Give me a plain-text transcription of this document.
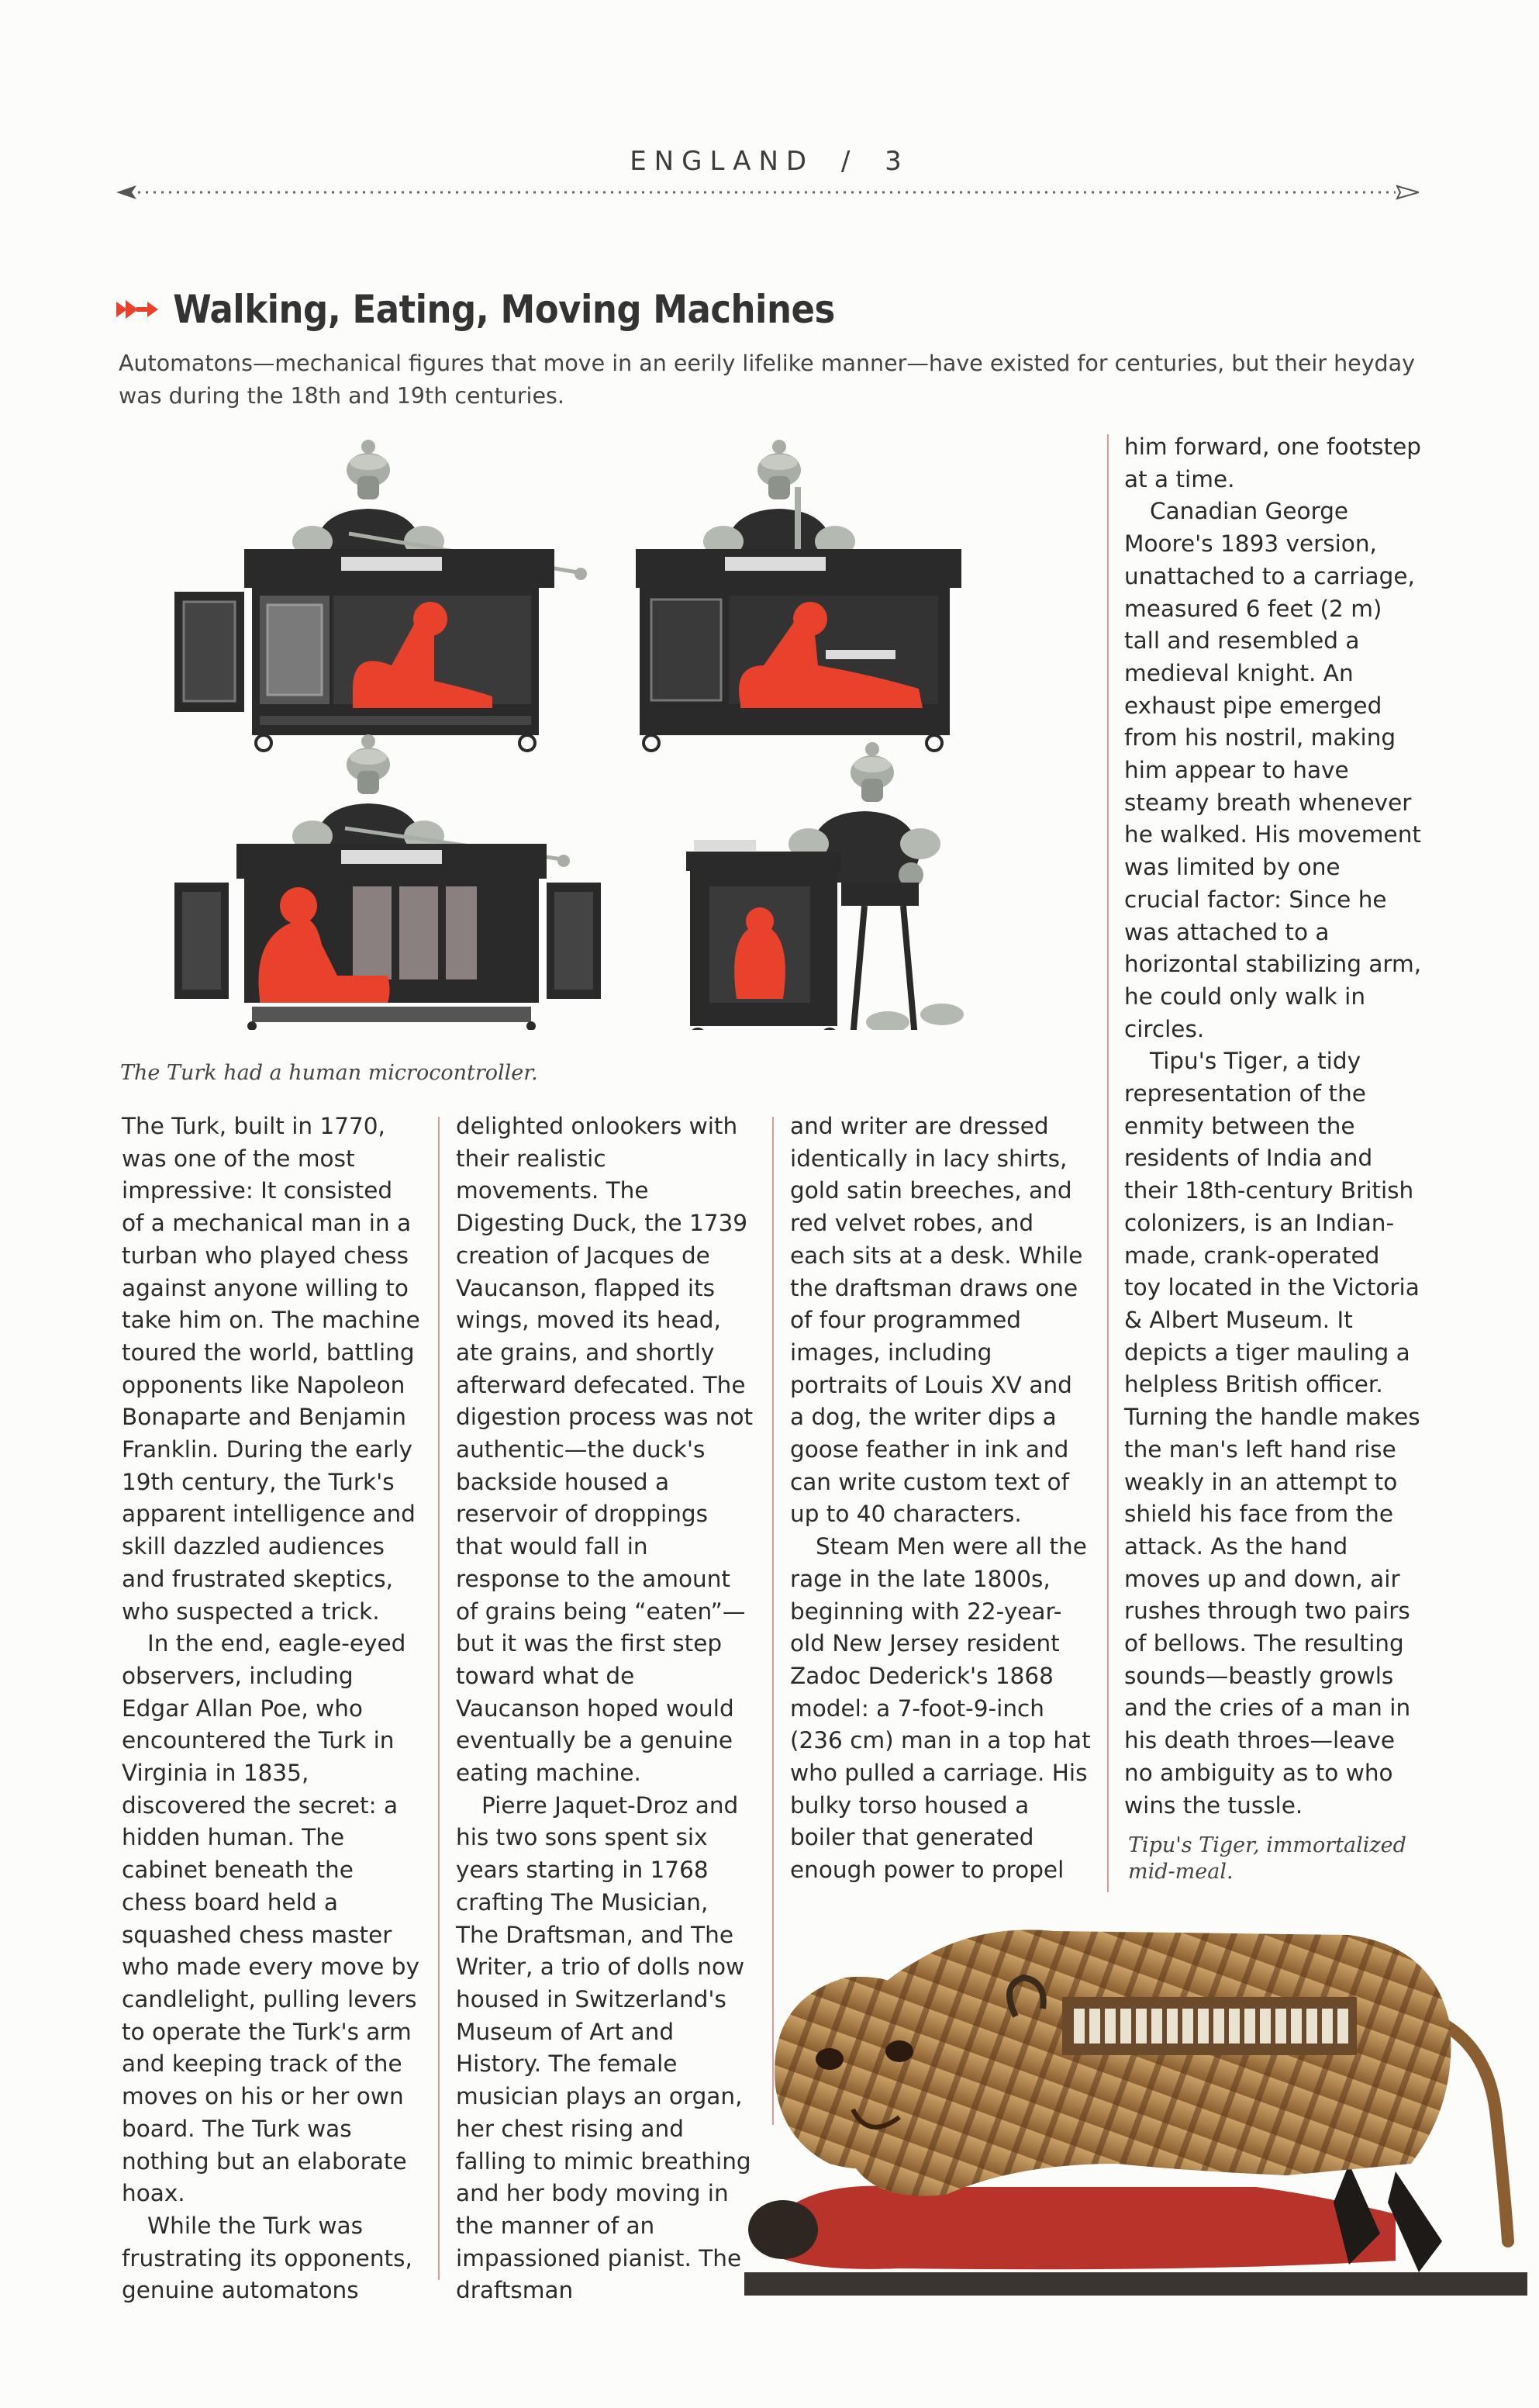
ENGLAND / 3
Walking, Eating, Moving Machines
Automatons—mechanical figures that move in an eerily lifelike manner—have existed for centuries, but their heyday
was during the 18th and 19th centuries.
The Turk had a human microcontroller.

The Turk, built in 1770, was one of the most impressive: It consisted of a mechanical man in a turban who played chess against anyone willing to take him on. The machine toured the world, battling opponents like Napoleon Bonaparte and Benjamin Franklin. During the early 19th century, the Turk's apparent intelligence and skill dazzled audiences and frustrated skeptics, who suspected a trick.

In the end, eagle-eyed observers, including Edgar Allan Poe, who encountered the Turk in Virginia in 1835, discovered the secret: a hidden human. The cabinet beneath the chess board held a squashed chess master who made every move by candlelight, pulling levers to operate the Turk's arm and keeping track of the moves on his or her own board. The Turk was nothing but an elaborate hoax.

While the Turk was frustrating its opponents, genuine automatons

delighted onlookers with their realistic movements. The Digesting Duck, the 1739 creation of Jacques de Vaucanson, flapped its wings, moved its head, ate grains, and shortly afterward defecated. The digestion process was not authentic—the duck's backside housed a reservoir of droppings that would fall in response to the amount of grains being “eaten”—but it was the first step toward what de Vaucanson hoped would eventually be a genuine eating machine.

Pierre Jaquet-Droz and his two sons spent six years starting in 1768 crafting The Musician, The Draftsman, and The Writer, a trio of dolls now housed in Switzerland's Museum of Art and History. The female musician plays an organ, her chest rising and falling to mimic breathing and her body moving in the manner of an impassioned pianist. The draftsman

and writer are dressed identically in lacy shirts, gold satin breeches, and red velvet robes, and each sits at a desk. While the draftsman draws one of four programmed images, including portraits of Louis XV and a dog, the writer dips a goose feather in ink and can write custom text of up to 40 characters.

Steam Men were all the rage in the late 1800s, beginning with 22-year-old New Jersey resident Zadoc Dederick's 1868 model: a 7-foot-9-inch (236 cm) man in a top hat who pulled a carriage. His bulky torso housed a boiler that generated enough power to propel

him forward, one footstep at a time.

Canadian George Moore's 1893 version, unattached to a carriage, measured 6 feet (2 m) tall and resembled a medieval knight. An exhaust pipe emerged from his nostril, making him appear to have steamy breath whenever he walked. His movement was limited by one crucial factor: Since he was attached to a horizontal stabilizing arm, he could only walk in circles.

Tipu's Tiger, a tidy representation of the enmity between the residents of India and their 18th-century British colonizers, is an Indian-made, crank-operated toy located in the Victoria & Albert Museum. It depicts a tiger mauling a helpless British officer. Turning the handle makes the man's left hand rise weakly in an attempt to shield his face from the attack. As the hand moves up and down, air rushes through two pairs of bellows. The resulting sounds—beastly growls and the cries of a man in his death throes—leave no ambiguity as to who wins the tussle.

Tipu's Tiger, immortalized
mid-meal.
